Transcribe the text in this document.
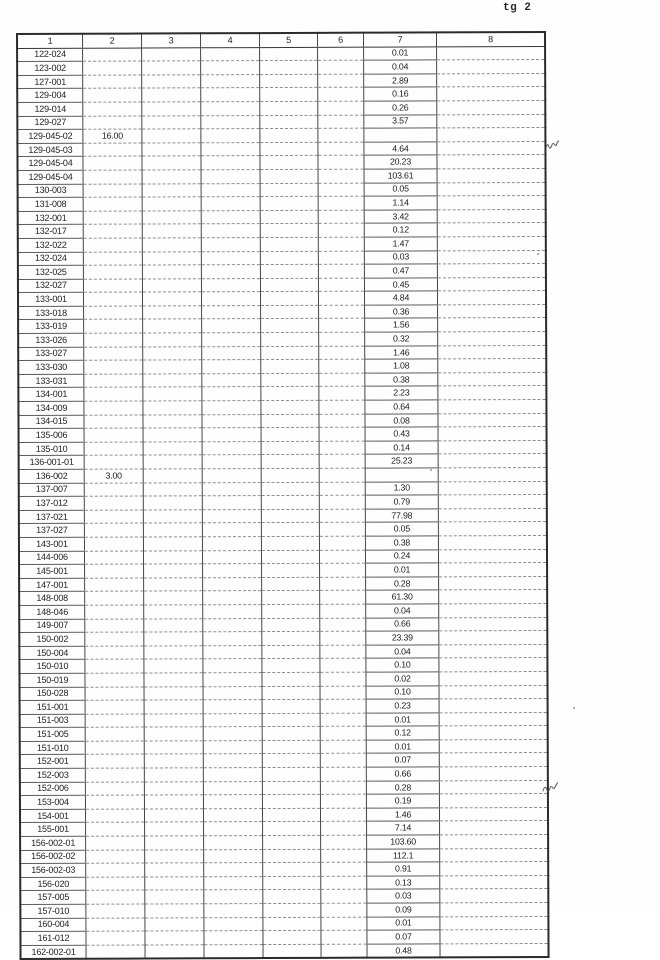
tg 2
1	2	3	4	5	6	7	8
122-024						0.01	
123-002						0.04	
127-001						2.89	
129-004						0.16	
129-014						0.26	
129-027						3.57	
129-045-02	16.00						
129-045-03						4.64	
129-045-04						20.23	
129-045-04						103.61	
130-003						0.05	
131-008						1.14	
132-001						3.42	
132-017						0.12	
132-022						1.47	
132-024						0.03	
132-025						0.47	
132-027						0.45	
133-001						4.84	
133-018						0.36	
133-019						1.56	
133-026						0.32	
133-027						1.46	
133-030						1.08	
133-031						0.38	
134-001						2.23	
134-009						0.64	
134-015						0.08	
135-006						0.43	
135-010						0.14	
136-001-01						25.23	
136-002	3.00						
137-007						1.30	
137-012						0.79	
137-021						77.98	
137-027						0.05	
143-001						0.38	
144-006						0.24	
145-001						0.01	
147-001						0.28	
148-008						61.30	
148-046						0.04	
149-007						0.66	
150-002						23.39	
150-004						0.04	
150-010						0.10	
150-019						0.02	
150-028						0.10	
151-001						0.23	
151-003						0.01	
151-005						0.12	
151-010						0.01	
152-001						0.07	
152-003						0.66	
152-006						0.28	
153-004						0.19	
154-001						1.46	
155-001						7.14	
156-002-01						103.60	
156-002-02						112.1	
156-002-03						0.91	
156-020						0.13	
157-005						0.03	
157-010						0.09	
160-004						0.01	
161-012						0.07	
162-002-01						0.48	
